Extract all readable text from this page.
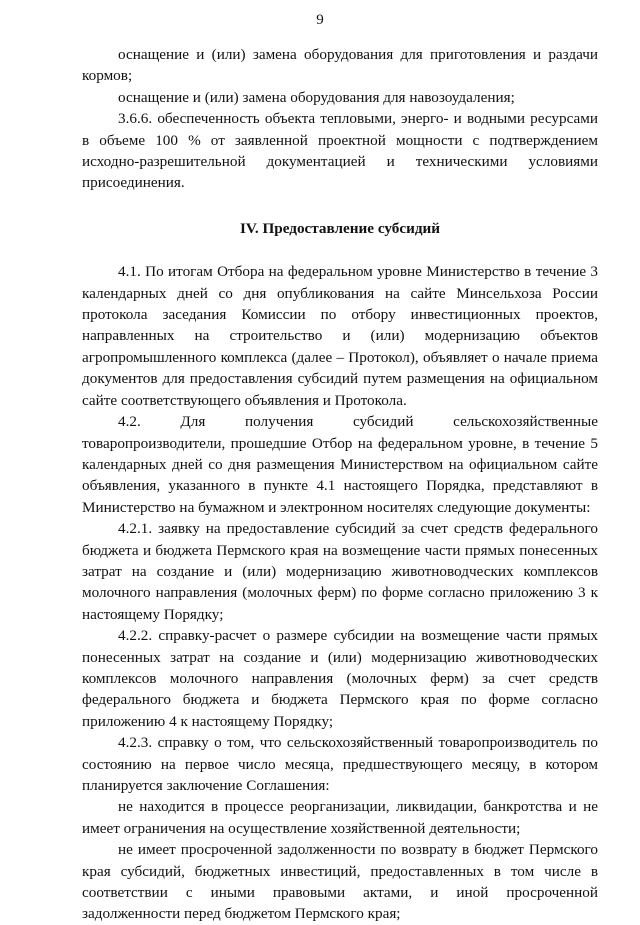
9

оснащение и (или) замена оборудования для приготовления и раздачи кормов;

оснащение и (или) замена оборудования для навозоудаления;

3.6.6. обеспеченность объекта тепловыми, энерго- и водными ресурсами в объеме 100 % от заявленной проектной мощности с подтверждением исходно-разрешительной документацией и техническими условиями присоединения.

IV. Предоставление субсидий

4.1. По итогам Отбора на федеральном уровне Министерство в течение 3 календарных дней со дня опубликования на сайте Минсельхоза России протокола заседания Комиссии по отбору инвестиционных проектов, направленных на строительство и (или) модернизацию объектов агропромышленного комплекса (далее – Протокол), объявляет о начале приема документов для предоставления субсидий путем размещения на официальном сайте соответствующего объявления и Протокола.

4.2. Для получения субсидий сельскохозяйственные товаропроизводители, прошедшие Отбор на федеральном уровне, в течение 5 календарных дней со дня размещения Министерством на официальном сайте объявления, указанного в пункте 4.1 настоящего Порядка, представляют в Министерство на бумажном и электронном носителях следующие документы:

4.2.1. заявку на предоставление субсидий за счет средств федерального бюджета и бюджета Пермского края на возмещение части прямых понесенных затрат на создание и (или) модернизацию животноводческих комплексов молочного направления (молочных ферм) по форме согласно приложению 3 к настоящему Порядку;

4.2.2. справку-расчет о размере субсидии на возмещение части прямых понесенных затрат на создание и (или) модернизацию животноводческих комплексов молочного направления (молочных ферм) за счет средств федерального бюджета и бюджета Пермского края по форме согласно приложению 4 к настоящему Порядку;

4.2.3. справку о том, что сельскохозяйственный товаропроизводитель по состоянию на первое число месяца, предшествующего месяцу, в котором планируется заключение Соглашения:

не находится в процессе реорганизации, ликвидации, банкротства и не имеет ограничения на осуществление хозяйственной деятельности;

не имеет просроченной задолженности по возврату в бюджет Пермского края субсидий, бюджетных инвестиций, предоставленных в том числе в соответствии с иными правовыми актами, и иной просроченной задолженности перед бюджетом Пермского края;
